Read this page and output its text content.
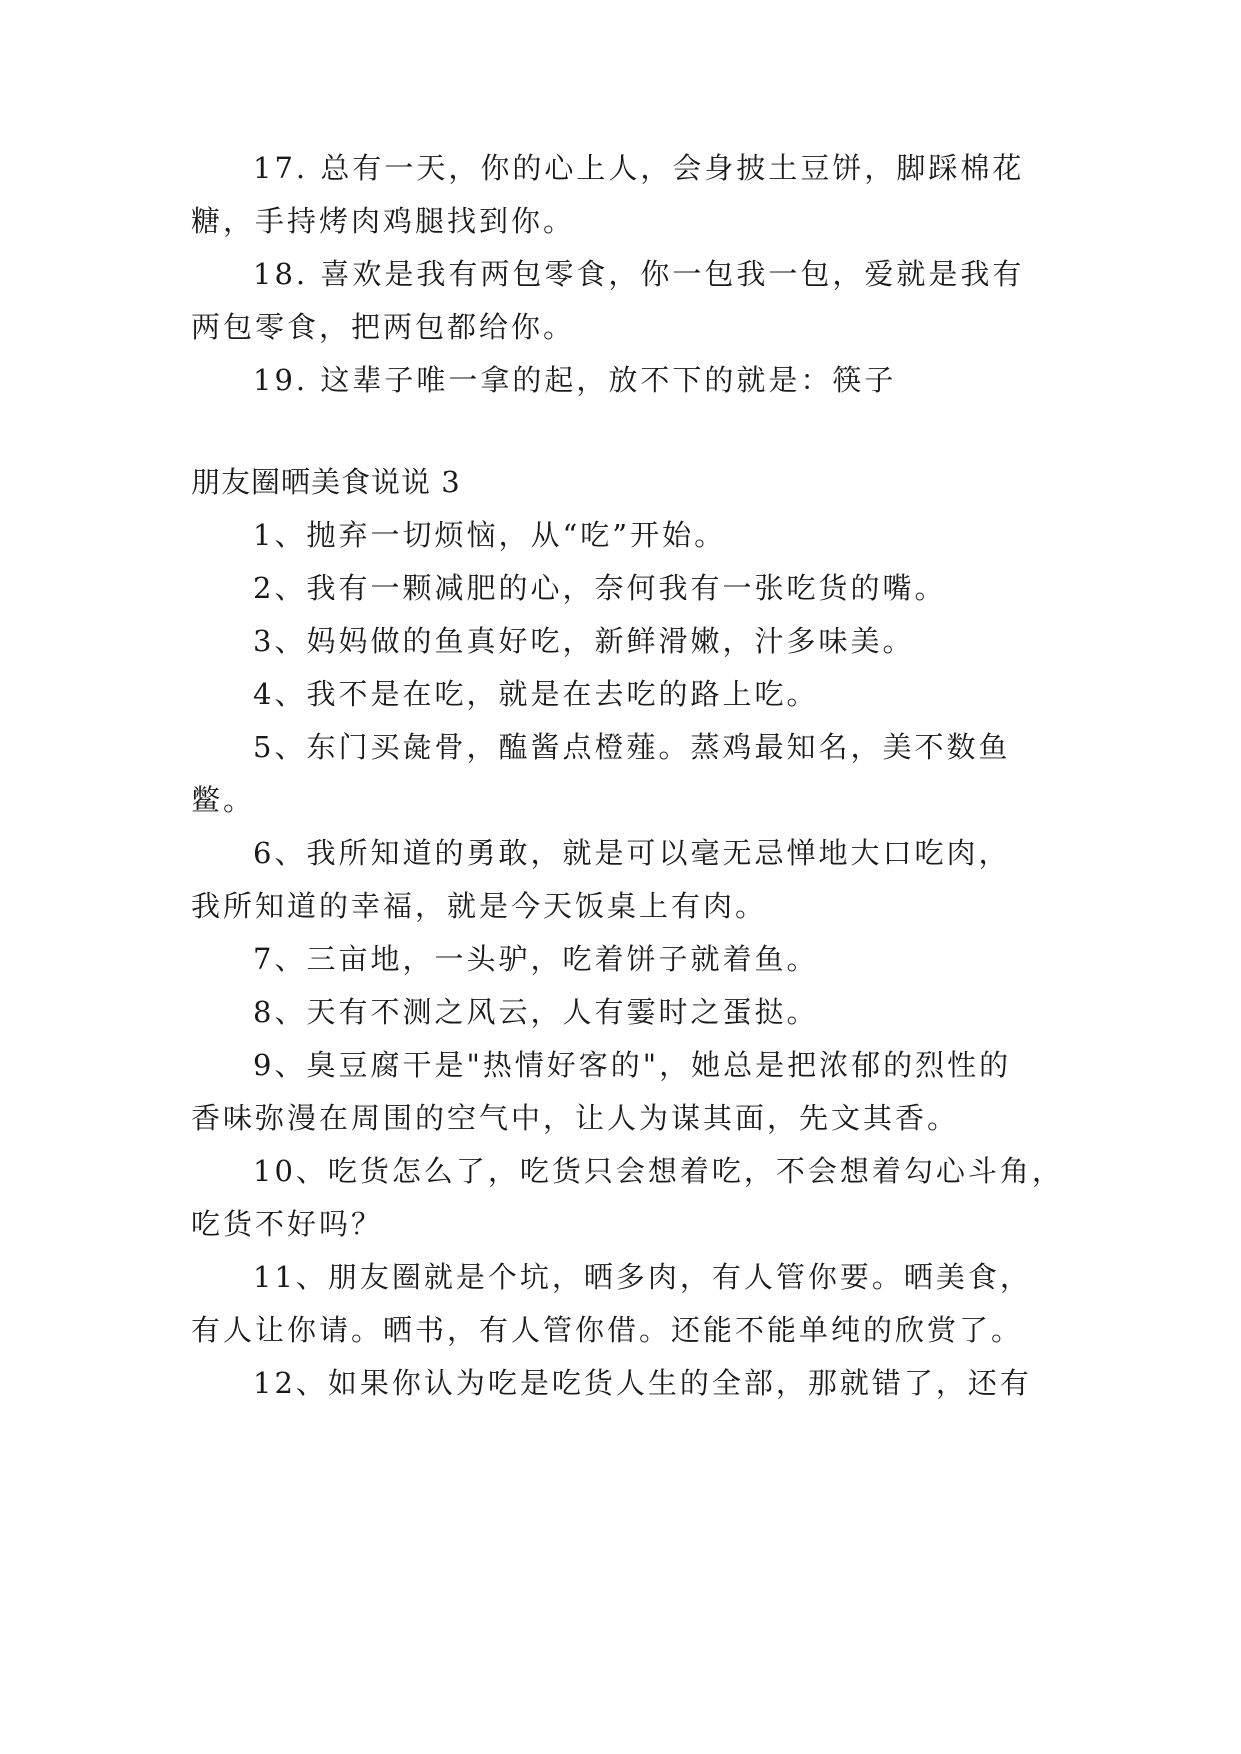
17. 总有一天，你的心上人，会身披土豆饼，脚踩棉花
糖，手持烤肉鸡腿找到你。
18. 喜欢是我有两包零食，你一包我一包，爱就是我有
两包零食，把两包都给你。
19. 这辈子唯一拿的起，放不下的就是：筷子
朋友圈晒美食说说 3
1、抛弃一切烦恼，从“吃”开始。
2、我有一颗减肥的心，奈何我有一张吃货的嘴。
3、妈妈做的鱼真好吃，新鲜滑嫩，汁多味美。
4、我不是在吃，就是在去吃的路上吃。
5、东门买彘骨，醢酱点橙薤。蒸鸡最知名，美不数鱼
鳖。
6、我所知道的勇敢，就是可以毫无忌惮地大口吃肉，
我所知道的幸福，就是今天饭桌上有肉。
7、三亩地，一头驴，吃着饼子就着鱼。
8、天有不测之风云，人有霎时之蛋挞。
9、臭豆腐干是"热情好客的"，她总是把浓郁的烈性的
香味弥漫在周围的空气中，让人为谋其面，先文其香。
10、吃货怎么了，吃货只会想着吃，不会想着勾心斗角，
吃货不好吗？
11、朋友圈就是个坑，晒多肉，有人管你要。晒美食，
有人让你请。晒书，有人管你借。还能不能单纯的欣赏了。
12、如果你认为吃是吃货人生的全部，那就错了，还有
